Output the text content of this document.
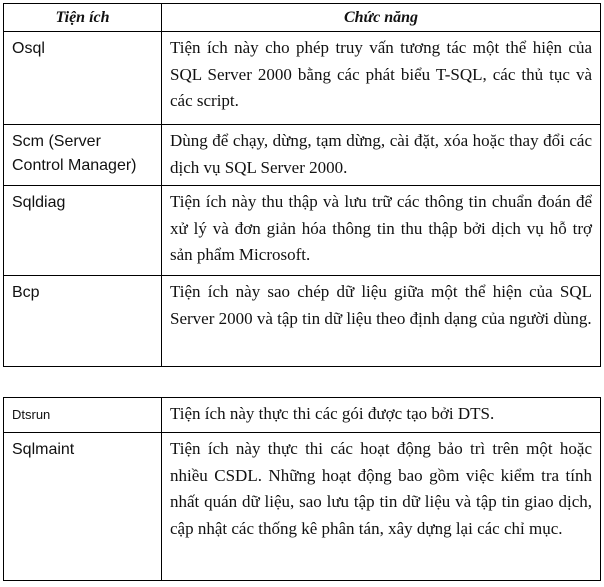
Tiện ích	Chức năng
Osql	Tiện ích này cho phép truy vấn tương tác một thể hiện của SQL Server 2000 bằng các phát biểu T-SQL, các thủ tục và các script.
Scm (Server Control Manager)	Dùng để chạy, dừng, tạm dừng, cài đặt, xóa hoặc thay đổi các dịch vụ SQL Server 2000.
Sqldiag	Tiện ích này thu thập và lưu trữ các thông tin chuẩn đoán để xử lý và đơn giản hóa thông tin thu thập bởi dịch vụ hỗ trợ sản phẩm Microsoft.
Bcp	Tiện ích này sao chép dữ liệu giữa một thể hiện của SQL Server 2000 và tập tin dữ liệu theo định dạng của người dùng.
Dtsrun	Tiện ích này thực thi các gói được tạo bởi DTS.
Sqlmaint	Tiện ích này thực thi các hoạt động bảo trì trên một hoặc nhiều CSDL. Những hoạt động bao gồm việc kiểm tra tính nhất quán dữ liệu, sao lưu tập tin dữ liệu và tập tin giao dịch, cập nhật các thống kê phân tán, xây dựng lại các chỉ mục.
